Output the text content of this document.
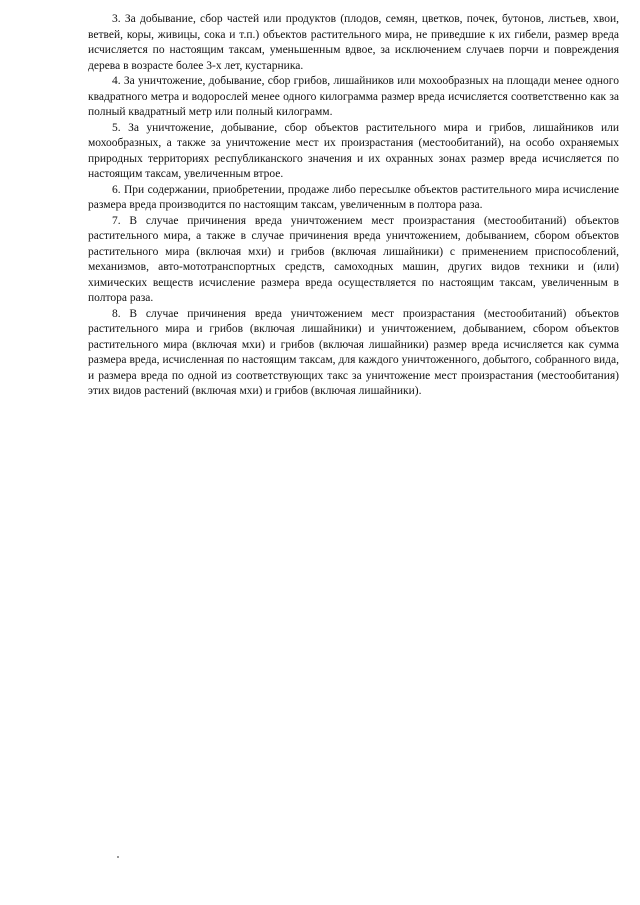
3. За добывание, сбор частей или продуктов (плодов, семян, цветков, почек, бутонов, листьев, хвои, ветвей, коры, живицы, сока и т.п.) объектов растительного мира, не приведшие к их гибели, размер вреда исчисляется по настоящим таксам, уменьшенным вдвое, за исключением случаев порчи и повреждения дерева в возрасте более 3-х лет, кустарника.

4. За уничтожение, добывание, сбор грибов, лишайников или мохообразных на площади менее одного квадратного метра и водорослей менее одного килограмма размер вреда исчисляется соответственно как за полный квадратный метр или полный килограмм.

5. За уничтожение, добывание, сбор объектов растительного мира и грибов, лишайников или мохообразных, а также за уничтожение мест их произрастания (местообитаний), на особо охраняемых природных территориях республиканского значения и их охранных зонах размер вреда исчисляется по настоящим таксам, увеличенным втрое.

6. При содержании, приобретении, продаже либо пересылке объектов растительного мира исчисление размера вреда производится по настоящим таксам, увеличенным в полтора раза.

7. В случае причинения вреда уничтожением мест произрастания (местообитаний) объектов растительного мира, а также в случае причинения вреда уничтожением, добыванием, сбором объектов растительного мира (включая мхи) и грибов (включая лишайники) с применением приспособлений, механизмов, авто-мототранспортных средств, самоходных машин, других видов техники и (или) химических веществ исчисление размера вреда осуществляется по настоящим таксам, увеличенным в полтора раза.

8. В случае причинения вреда уничтожением мест произрастания (местообитаний) объектов растительного мира и грибов (включая лишайники) и уничтожением, добыванием, сбором объектов растительного мира (включая мхи) и грибов (включая лишайники) размер вреда исчисляется как сумма размера вреда, исчисленная по настоящим таксам, для каждого уничтоженного, добытого, собранного вида, и размера вреда по одной из соответствующих такс за уничтожение мест произрастания (местообитания) этих видов растений (включая мхи) и грибов (включая лишайники).
